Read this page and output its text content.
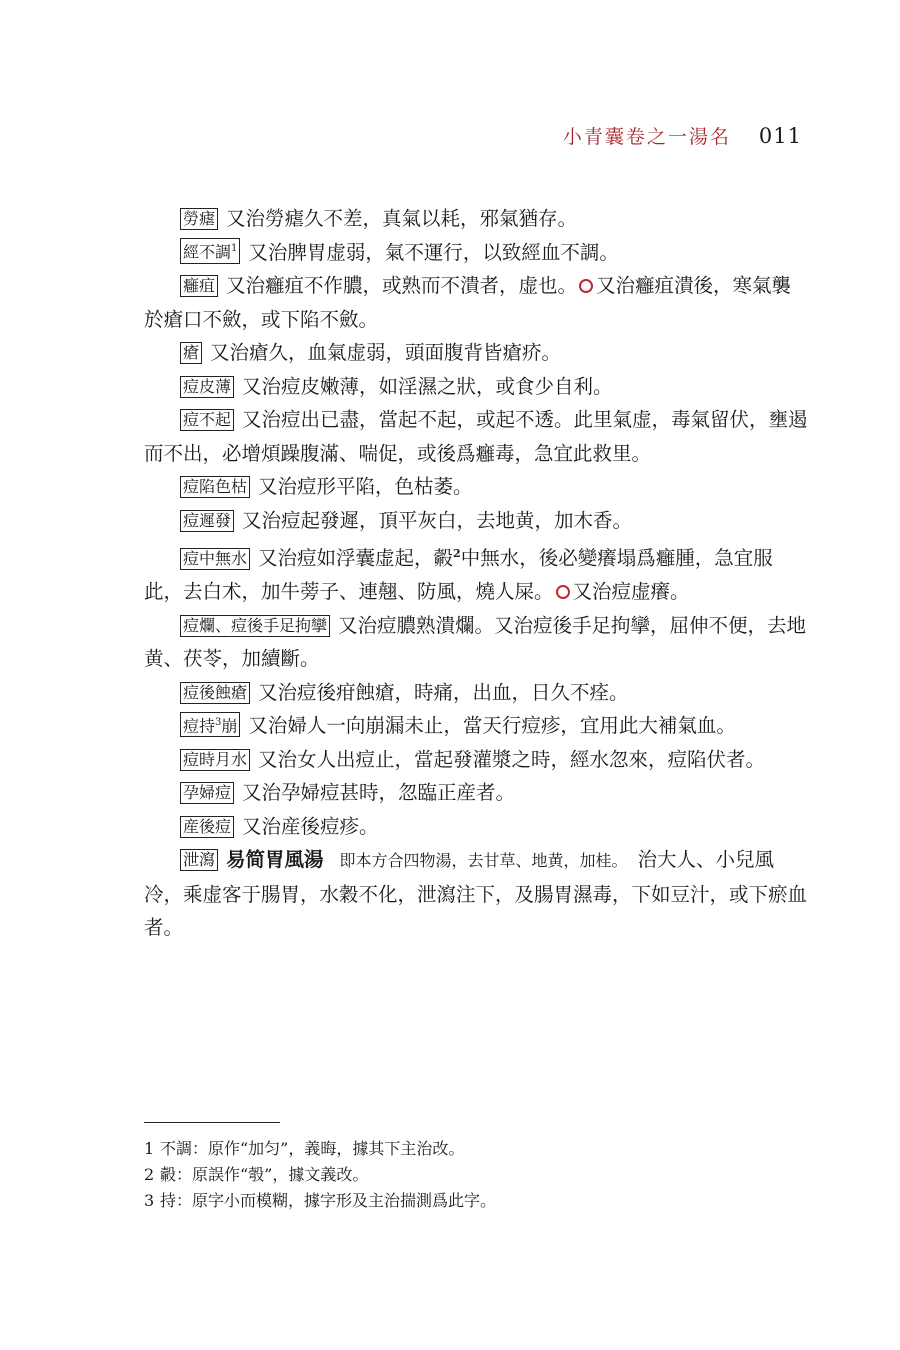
小青囊卷之一湯名 011

勞瘧 又治勞瘧久不差，真氣以耗，邪氣猶存。

經不調$^1$ 又治脾胃虚弱，氣不運行，以致經血不調。

癰疽 又治癰疽不作膿，或熟而不潰者，虚也。 又治癰疽潰後，寒氣襲於瘡口不斂，或下陷不斂。

瘡 又治瘡久，血氣虚弱，頭面腹背皆瘡疥。

痘皮薄 又治痘皮嫩薄，如淫濕之狀，或食少自利。

痘不起 又治痘出已盡，當起不起，或起不透。此里氣虚，毒氣留伏，壅遏而不出，必增煩躁腹滿、喘促，或後爲癰毒，急宜此救里。

痘陷色枯 又治痘形平陷，色枯萎。

痘遲發 又治痘起發遲，頂平灰白，去地黄，加木香。

痘中無水 又治痘如浮囊虚起，㲉$^2$中無水，後必變癢塌爲癰腫，急宜服此，去白术，加牛蒡子、連翹、防風，燒人屎。 又治痘虚癢。

痘爛、痘後手足拘攣 又治痘膿熟潰爛。又治痘後手足拘攣，屈伸不便，去地黄、茯苓，加續斷。

痘後蝕瘡 又治痘後疳蝕瘡，時痛，出血，日久不痊。

痘持$^3$崩 又治婦人一向崩漏未止，當天行痘疹，宜用此大補氣血。

痘時月水 又治女人出痘止，當起發灌漿之時，經水忽來，痘陷伏者。

孕婦痘 又治孕婦痘甚時，忽臨正産者。

産後痘 又治産後痘疹。

泄瀉 易简胃風湯 即本方合四物湯，去甘草、地黄，加桂。 治大人、小兒風冷，乘虚客于腸胃，水穀不化，泄瀉注下，及腸胃濕毒，下如豆汁，或下瘀血者。

1 不調：原作“加匀”，義晦，據其下主治改。

2 㲉：原誤作“彀”，據文義改。

3 持：原字小而模糊，據字形及主治揣測爲此字。
